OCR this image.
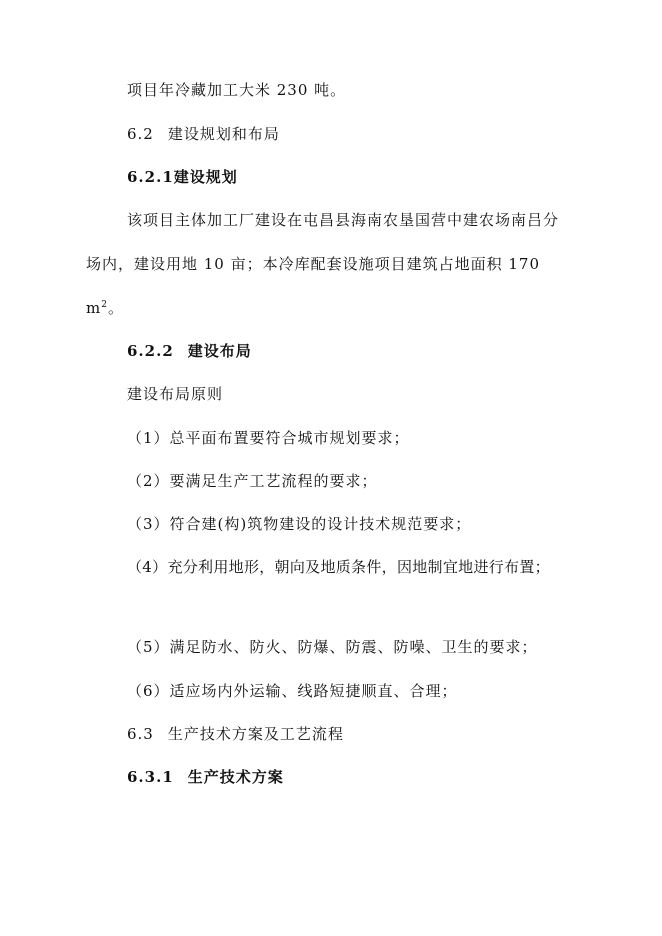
项目年冷藏加工大米 230 吨。
6.2 建设规划和布局
6.2.1建设规划
该项目主体加工厂建设在屯昌县海南农垦国营中建农场南吕分
场内，建设用地 10 亩；本冷库配套设施项目建筑占地面积 170
$m^2$。
6.2.2 建设布局
建设布局原则
（1）总平面布置要符合城市规划要求；
（2）要满足生产工艺流程的要求；
（3）符合建(构)筑物建设的设计技术规范要求；
（4）充分利用地形，朝向及地质条件，因地制宜地进行布置；
（5）满足防水、防火、防爆、防震、防噪、卫生的要求；
（6）适应场内外运输、线路短捷顺直、合理；
6.3 生产技术方案及工艺流程
6.3.1 生产技术方案
